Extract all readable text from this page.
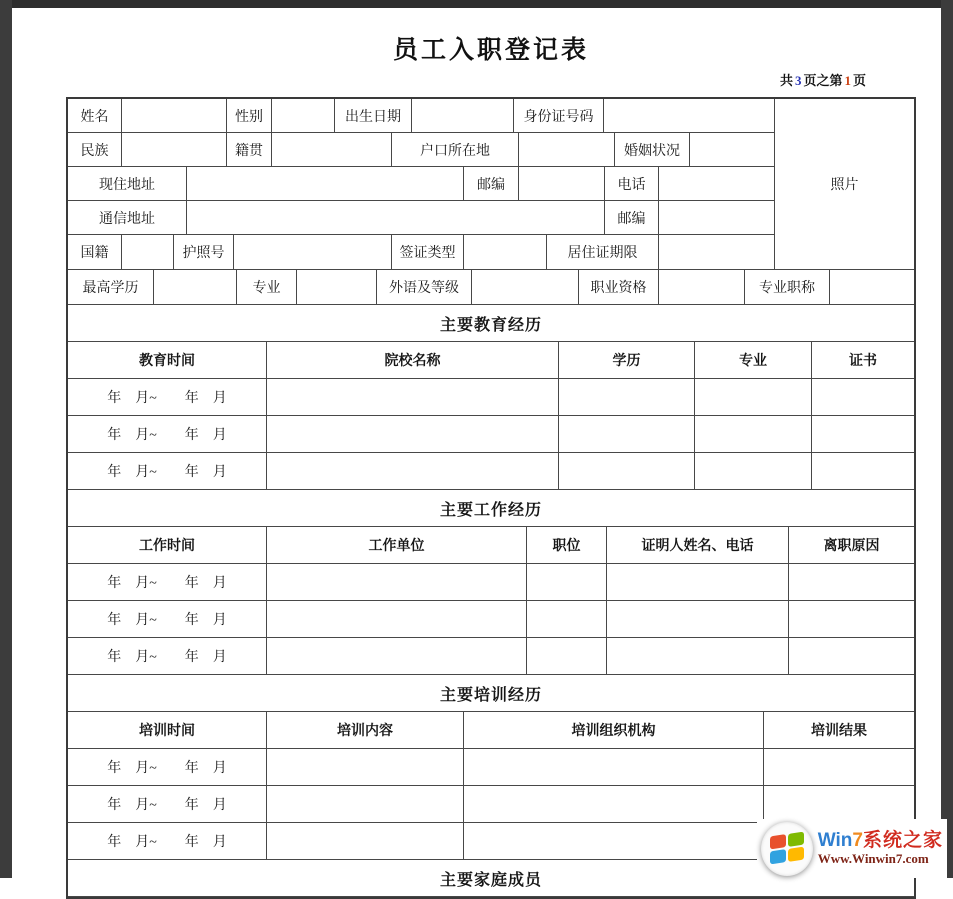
员工入职登记表
共 3 页之第 1 页
姓名	性别	出生日期	身份证号码
民族	籍贯	户口所在地	婚姻状况
现住地址	邮编	电话
通信地址	邮编
国籍	护照号	签证类型	居住证期限
照片
最高学历	专业	外语及等级	职业资格	专业职称
主要教育经历
教育时间	院校名称	学历	专业	证书
年　月~　　年　月
年　月~　　年　月
年　月~　　年　月
主要工作经历
工作时间	工作单位	职位	证明人姓名、电话	离职原因
年　月~　　年　月
年　月~　　年　月
年　月~　　年　月
主要培训经历
培训时间	培训内容	培训组织机构	培训结果
年　月~　　年　月
年　月~　　年　月
年　月~　　年　月
主要家庭成员
Win7系统之家
Www.Winwin7.com
